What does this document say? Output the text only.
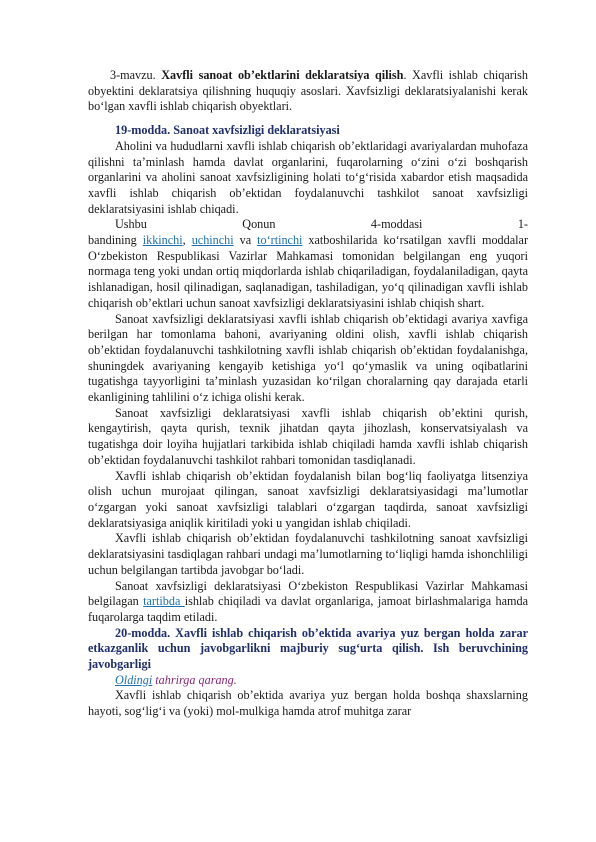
3-mavzu. Xavfli sanoat ob’ektlarini deklaratsiya qilish. Xavfli ishlab chiqarish obyektini deklaratsiya qilishning huquqiy asoslari. Xavfsizligi deklaratsiyalanishi kerak bo‘lgan xavfli ishlab chiqarish obyektlari.

19-modda. Sanoat xavfsizligi deklaratsiyasi

Aholini va hududlarni xavfli ishlab chiqarish ob’ektlaridagi avariyalardan muhofaza qilishni ta’minlash hamda davlat organlarini, fuqarolarning o‘zini o‘zi boshqarish organlarini va aholini sanoat xavfsizligining holati to‘g‘risida xabardor etish maqsadida xavfli ishlab chiqarish ob’ektidan foydalanuvchi tashkilot sanoat xavfsizligi deklaratsiyasini ishlab chiqadi.

Ushbu	Qonun	4-moddasi	1-

bandining ikkinchi, uchinchi va to‘rtinchi xatboshilarida ko‘rsatilgan xavfli moddalar O‘zbekiston Respublikasi Vazirlar Mahkamasi tomonidan belgilangan eng yuqori normaga teng yoki undan ortiq miqdorlarda ishlab chiqariladigan, foydalaniladigan, qayta ishlanadigan, hosil qilinadigan, saqlanadigan, tashiladigan, yo‘q qilinadigan xavfli ishlab chiqarish ob’ektlari uchun sanoat xavfsizligi deklaratsiyasini ishlab chiqish shart.

Sanoat xavfsizligi deklaratsiyasi xavfli ishlab chiqarish ob’ektidagi avariya xavfiga berilgan har tomonlama bahoni, avariyaning oldini olish, xavfli ishlab chiqarish ob’ektidan foydalanuvchi tashkilotning xavfli ishlab chiqarish ob’ektidan foydalanishga, shuningdek avariyaning kengayib ketishiga yo‘l qo‘ymaslik va uning oqibatlarini tugatishga tayyorligini ta’minlash yuzasidan ko‘rilgan choralarning qay darajada etarli ekanligining tahlilini o‘z ichiga olishi kerak.

Sanoat xavfsizligi deklaratsiyasi xavfli ishlab chiqarish ob’ektini qurish, kengaytirish, qayta qurish, texnik jihatdan qayta jihozlash, konservatsiyalash va tugatishga doir loyiha hujjatlari tarkibida ishlab chiqiladi hamda xavfli ishlab chiqarish ob’ektidan foydalanuvchi tashkilot rahbari tomonidan tasdiqlanadi.

Xavfli ishlab chiqarish ob’ektidan foydalanish bilan bog‘liq faoliyatga litsenziya olish uchun murojaat qilingan, sanoat xavfsizligi deklaratsiyasidagi ma’lumotlar o‘zgargan yoki sanoat xavfsizligi talablari o‘zgargan taqdirda, sanoat xavfsizligi deklaratsiyasiga aniqlik kiritiladi yoki u yangidan ishlab chiqiladi.

Xavfli ishlab chiqarish ob’ektidan foydalanuvchi tashkilotning sanoat xavfsizligi deklaratsiyasini tasdiqlagan rahbari undagi ma’lumotlarning to‘liqligi hamda ishonchliligi uchun belgilangan tartibda javobgar bo‘ladi.

Sanoat xavfsizligi deklaratsiyasi O‘zbekiston Respublikasi Vazirlar Mahkamasi belgilagan tartibda ishlab chiqiladi va davlat organlariga, jamoat birlashmalariga hamda fuqarolarga taqdim etiladi.

20-modda. Xavfli ishlab chiqarish ob’ektida avariya yuz bergan holda zarar etkazganlik uchun javobgarlikni majburiy sug‘urta qilish. Ish beruvchining javobgarligi

Oldingi tahrirga qarang.

Xavfli ishlab chiqarish ob’ektida avariya yuz bergan holda boshqa shaxslarning hayoti, sog‘lig‘i va (yoki) mol-mulkiga hamda atrof muhitga zarar
